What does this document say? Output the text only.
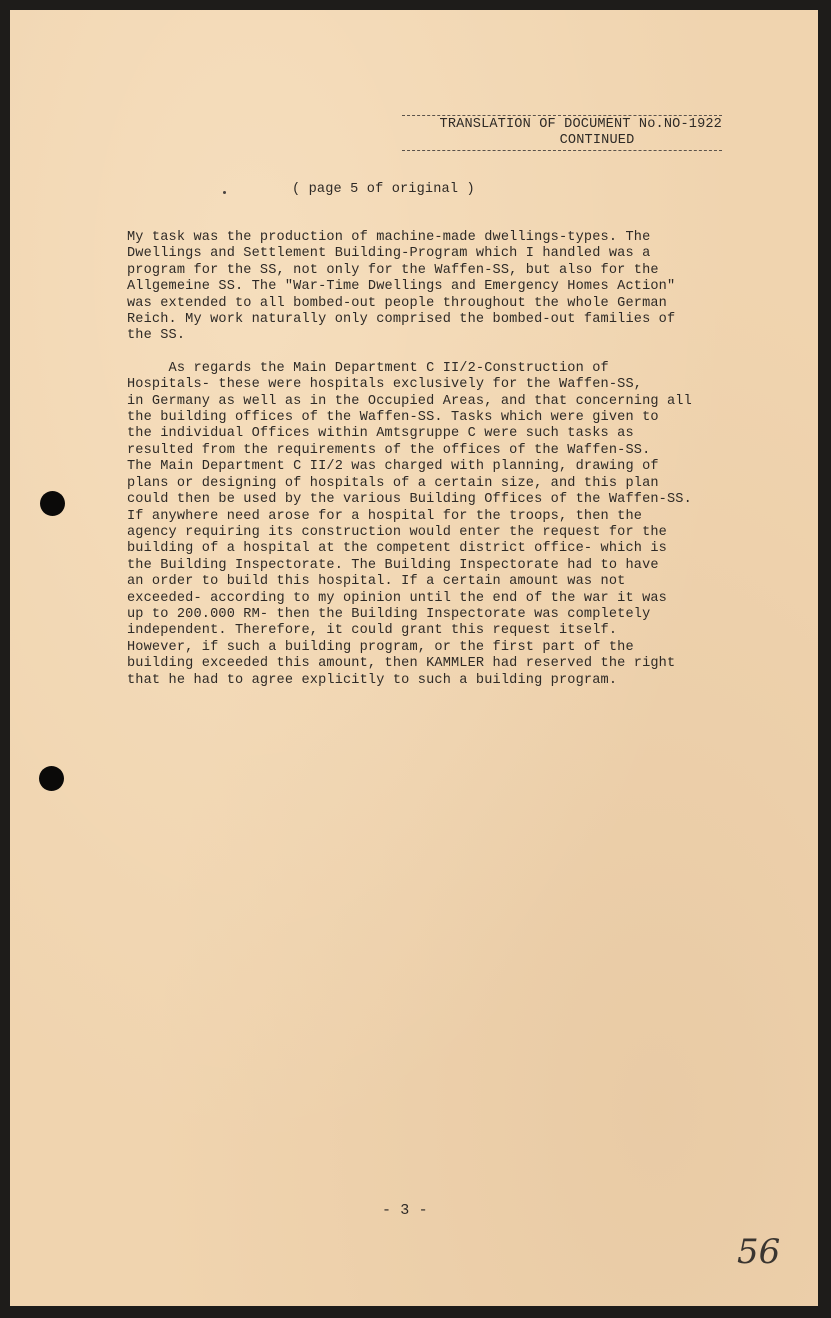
TRANSLATION OF DOCUMENT No.NO-1922
CONTINUED
( page 5 of original )
My task was the production of machine-made dwellings-types. The
Dwellings and Settlement Building-Program which I handled was a
program for the SS, not only for the Waffen-SS, but also for the
Allgemeine SS. The "War-Time Dwellings and Emergency Homes Action"
was extended to all bombed-out people throughout the whole German
Reich. My work naturally only comprised the bombed-out families of
the SS.
As regards the Main Department C II/2-Construction of
Hospitals- these were hospitals exclusively for the Waffen-SS,
in Germany as well as in the Occupied Areas, and that concerning all
the building offices of the Waffen-SS. Tasks which were given to
the individual Offices within Amtsgruppe C were such tasks as
resulted from the requirements of the offices of the Waffen-SS.
The Main Department C II/2 was charged with planning, drawing of
plans or designing of hospitals of a certain size, and this plan
could then be used by the various Building Offices of the Waffen-SS.
If anywhere need arose for a hospital for the troops, then the
agency requiring its construction would enter the request for the
building of a hospital at the competent district office- which is
the Building Inspectorate. The Building Inspectorate had to have
an order to build this hospital. If a certain amount was not
exceeded- according to my opinion until the end of the war it was
up to 200.000 RM- then the Building Inspectorate was completely
independent. Therefore, it could grant this request itself.
However, if such a building program, or the first part of the
building exceeded this amount, then KAMMLER had reserved the right
that he had to agree explicitly to such a building program.
- 3 -
56
